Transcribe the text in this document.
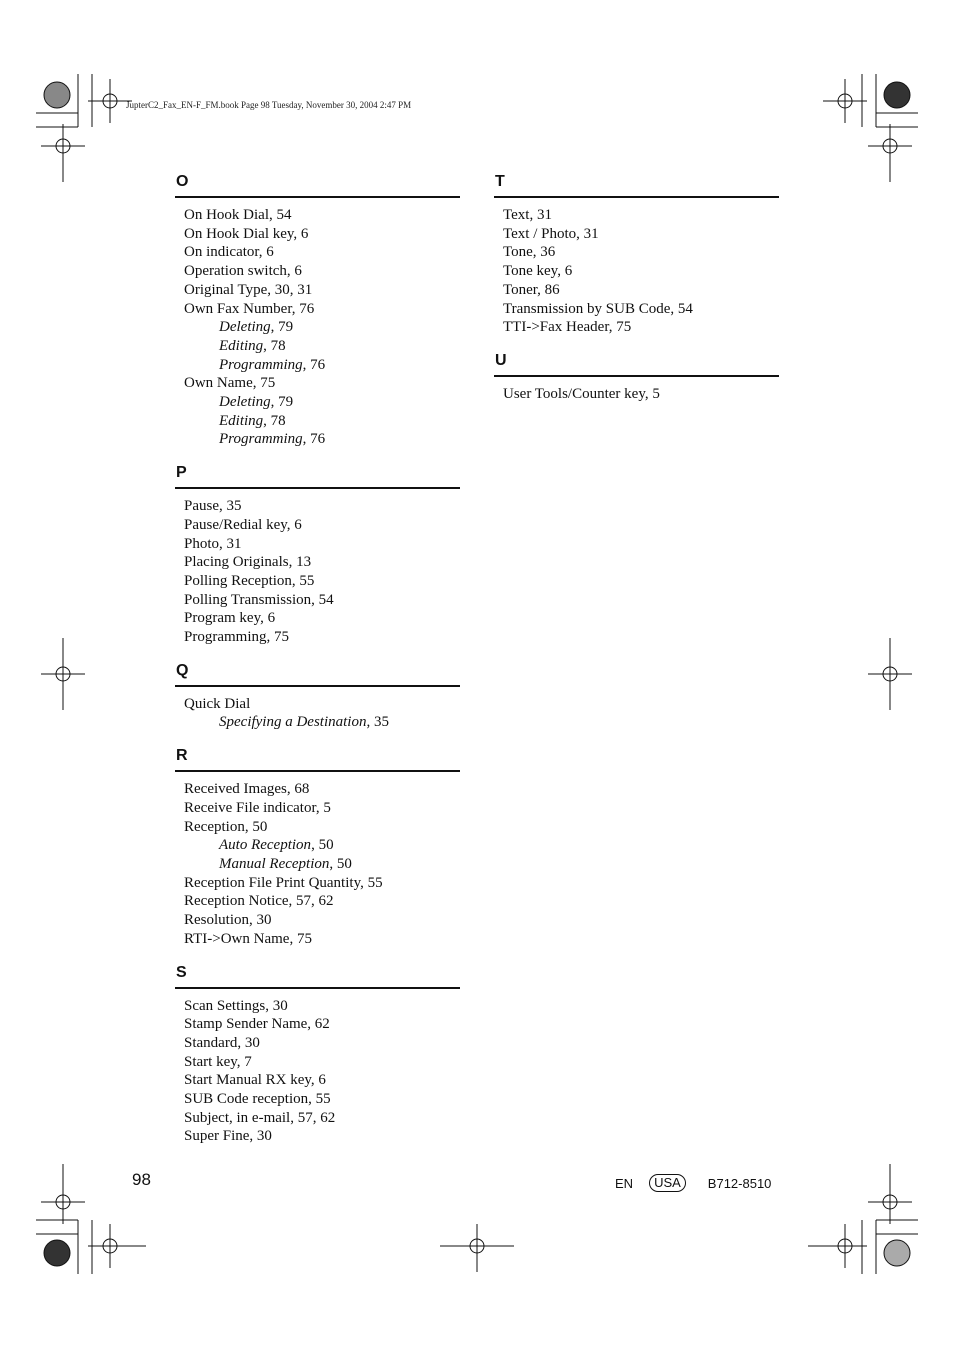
JupterC2_Fax_EN-F_FM.book Page 98 Tuesday, November 30, 2004 2:47 PM
O
On Hook Dial, 54
On Hook Dial key, 6
On indicator, 6
Operation switch, 6
Original Type, 30, 31
Own Fax Number, 76
Deleting, 79
Editing, 78
Programming, 76
Own Name, 75
Deleting, 79
Editing, 78
Programming, 76
P
Pause, 35
Pause/Redial key, 6
Photo, 31
Placing Originals, 13
Polling Reception, 55
Polling Transmission, 54
Program key, 6
Programming, 75
Q
Quick Dial
Specifying a Destination, 35
R
Received Images, 68
Receive File indicator, 5
Reception, 50
Auto Reception, 50
Manual Reception, 50
Reception File Print Quantity, 55
Reception Notice, 57, 62
Resolution, 30
RTI->Own Name, 75
S
Scan Settings, 30
Stamp Sender Name, 62
Standard, 30
Start key, 7
Start Manual RX key, 6
SUB Code reception, 55
Subject, in e-mail, 57, 62
Super Fine, 30
T
Text, 31
Text / Photo, 31
Tone, 36
Tone key, 6
Toner, 86
Transmission by SUB Code, 54
TTI->Fax Header, 75
U
User Tools/Counter key, 5
98	EN	USA	B712-8510
